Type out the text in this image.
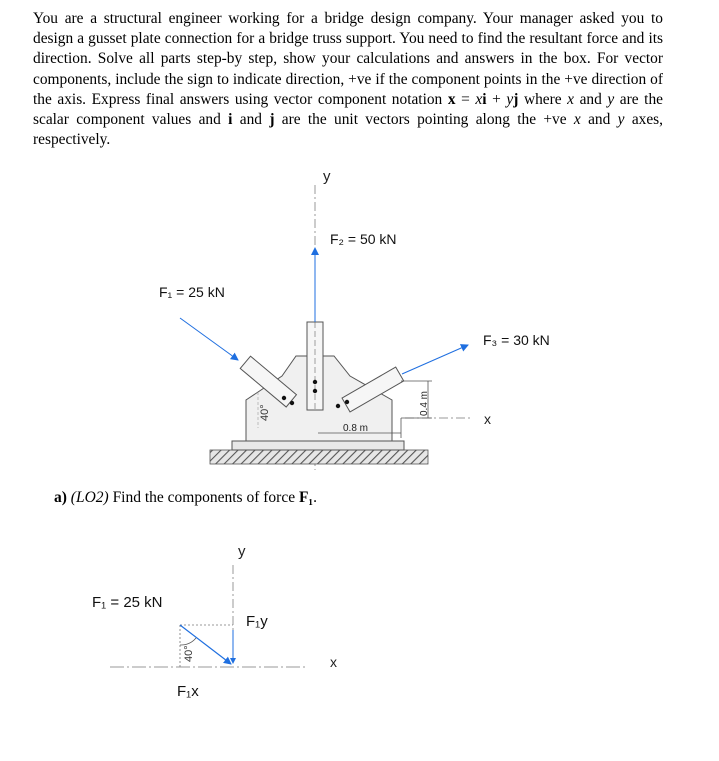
You are a structural engineer working for a bridge design company. Your manager asked you to design a gusset plate connection for a bridge truss support. You need to find the resultant force and its direction. Solve all parts step-by step, show your calculations and answers in the box. For vector components, include the sign to indicate direction, +ve if the component points in the +ve direction of the axis. Express final answers using vector component notation x = xi + yj where x and y are the scalar component values and i and j are the unit vectors pointing along the +ve x and y axes, respectively.
y
x
40°
F₁ = 25 kN
F₂ = 50 kN
F₃ = 30 kN
0.8 m
0.4 m
y
x
F₁ = 25 kN
F₁y
F₁x
40°
a) (LO2) Find the components of force F₁.
